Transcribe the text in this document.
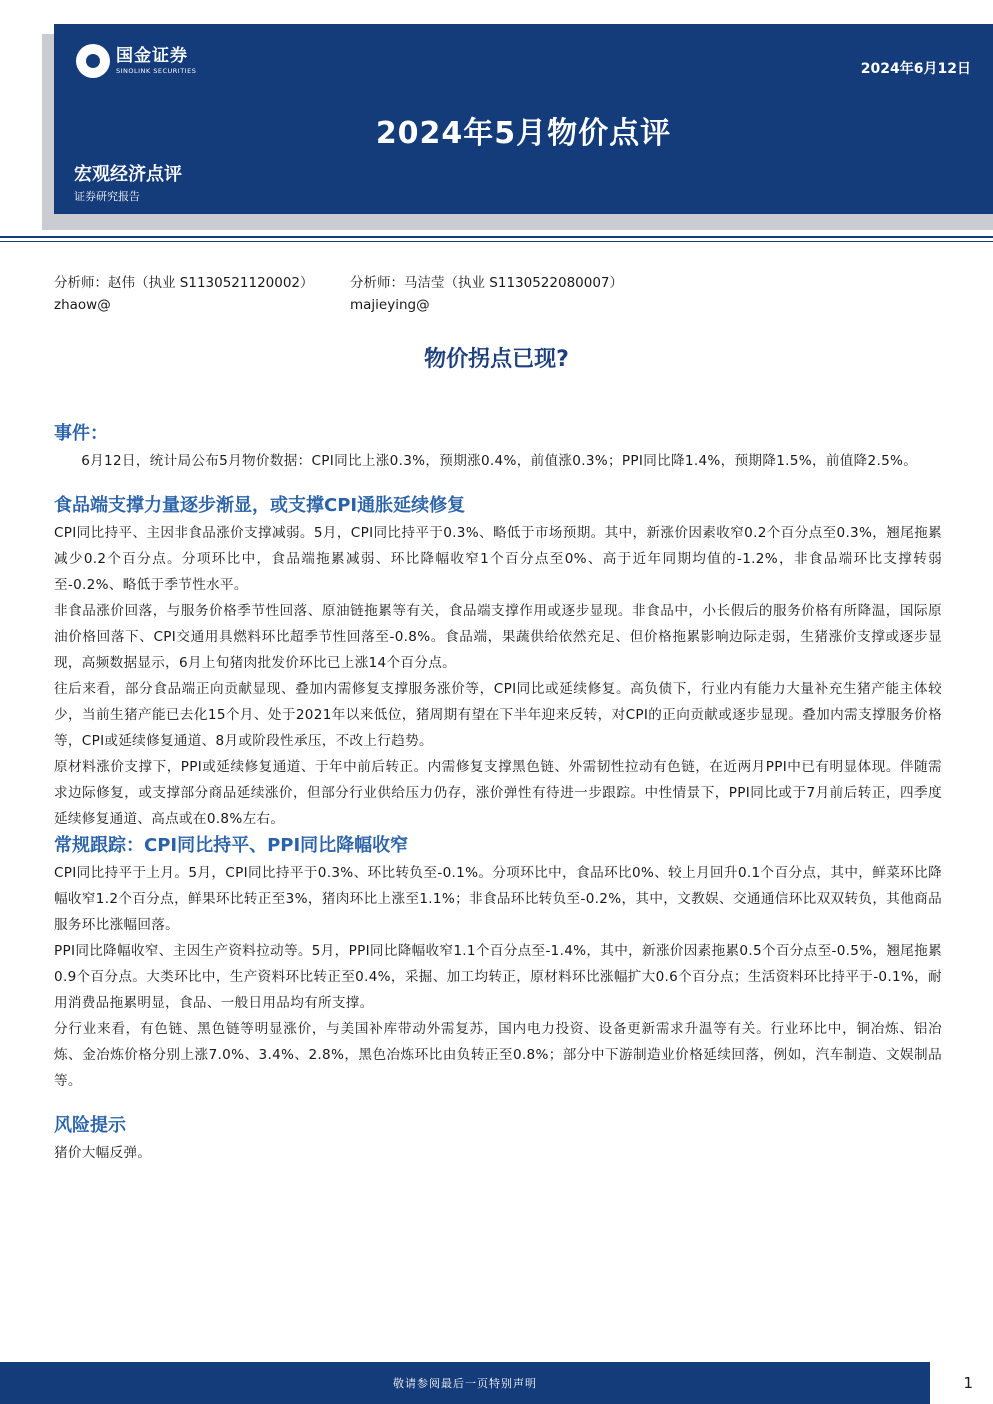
国金证券
SINOLINK SECURITIES	2024年6月12日
2024年5月物价点评
宏观经济点评
证券研究报告
分析师：赵伟（执业 S1130521120002）
zhaow@
分析师：马洁莹（执业 S1130522080007）
majieying@
物价拐点已现?
事件：

6月12日，统计局公布5月物价数据：CPI同比上涨0.3%，预期涨0.4%，前值涨0.3%；PPI同比降1.4%，预期降1.5%，前值降2.5%。

食品端支撑力量逐步渐显，或支撑CPI通胀延续修复

CPI同比持平、主因非食品涨价支撑减弱。5月，CPI同比持平于0.3%、略低于市场预期。其中，新涨价因素收窄0.2个百分点至0.3%，翘尾拖累减少0.2个百分点。分项环比中，食品端拖累减弱、环比降幅收窄1个百分点至0%、高于近年同期均值的-1.2%，非食品端环比支撑转弱至-0.2%、略低于季节性水平。

非食品涨价回落，与服务价格季节性回落、原油链拖累等有关，食品端支撑作用或逐步显现。非食品中，小长假后的服务价格有所降温，国际原油价格回落下、CPI交通用具燃料环比超季节性回落至-0.8%。食品端，果蔬供给依然充足、但价格拖累影响边际走弱，生猪涨价支撑或逐步显现，高频数据显示，6月上旬猪肉批发价环比已上涨14个百分点。

往后来看，部分食品端正向贡献显现、叠加内需修复支撑服务涨价等，CPI同比或延续修复。高负债下，行业内有能力大量补充生猪产能主体较少，当前生猪产能已去化15个月、处于2021年以来低位，猪周期有望在下半年迎来反转，对CPI的正向贡献或逐步显现。叠加内需支撑服务价格等，CPI或延续修复通道、8月或阶段性承压，不改上行趋势。

原材料涨价支撑下，PPI或延续修复通道、于年中前后转正。内需修复支撑黑色链、外需韧性拉动有色链，在近两月PPI中已有明显体现。伴随需求边际修复，或支撑部分商品延续涨价，但部分行业供给压力仍存，涨价弹性有待进一步跟踪。中性情景下，PPI同比或于7月前后转正，四季度延续修复通道、高点或在0.8%左右。

常规跟踪：CPI同比持平、PPI同比降幅收窄

CPI同比持平于上月。5月，CPI同比持平于0.3%、环比转负至-0.1%。分项环比中，食品环比0%、较上月回升0.1个百分点，其中，鲜菜环比降幅收窄1.2个百分点，鲜果环比转正至3%，猪肉环比上涨至1.1%；非食品环比转负至-0.2%，其中，文教娱、交通通信环比双双转负，其他商品服务环比涨幅回落。

PPI同比降幅收窄、主因生产资料拉动等。5月，PPI同比降幅收窄1.1个百分点至-1.4%，其中，新涨价因素拖累0.5个百分点至-0.5%，翘尾拖累0.9个百分点。大类环比中，生产资料环比转正至0.4%，采掘、加工均转正，原材料环比涨幅扩大0.6个百分点；生活资料环比持平于-0.1%，耐用消费品拖累明显，食品、一般日用品均有所支撑。

分行业来看，有色链、黑色链等明显涨价，与美国补库带动外需复苏，国内电力投资、设备更新需求升温等有关。行业环比中，铜冶炼、铝冶炼、金冶炼价格分别上涨7.0%、3.4%、2.8%，黑色冶炼环比由负转正至0.8%；部分中下游制造业价格延续回落，例如，汽车制造、文娱制品等。

风险提示

猪价大幅反弹。

敬请参阅最后一页特别声明	1
